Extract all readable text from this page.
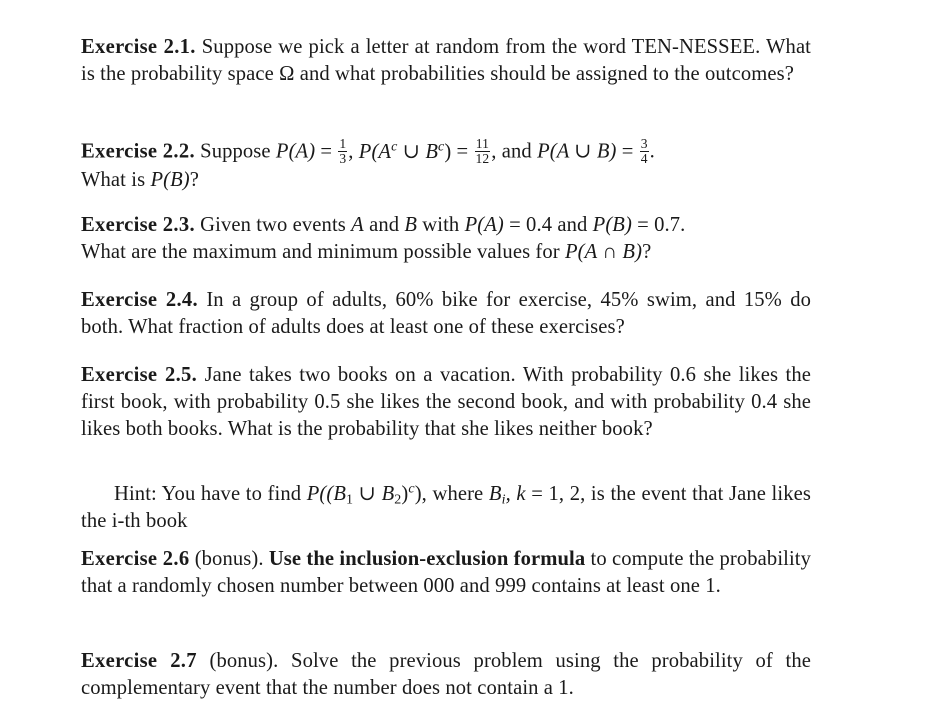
Exercise 2.1. Suppose we pick a letter at random from the word TEN-NESSEE. What is the probability space Ω and what probabilities should be assigned to the outcomes?
Exercise 2.2. Suppose $P(A) = \frac{1}{3}$ , $P(A^c$ ∪ $B^c) = \frac{11}{12}$ , and P(A ∪ $B) = \frac{3}{4}$ .
What is P(B)?
Exercise 2.3. Given two events A and B with P(A) = 0.4 and P(B) = 0.7.
What are the maximum and minimum possible values for P(A ∩ B)?
Exercise 2.4. In a group of adults, 60% bike for exercise, 45% swim, and 15% do both. What fraction of adults does at least one of these exercises?
Exercise 2.5. Jane takes two books on a vacation. With probability 0.6 she likes the first book, with probability 0.5 she likes the second book, and with probability 0.4 she likes both books. What is the probability that she likes neither book?
Hint: You have to find $P((B_1$ ∪ $B_2)^c$), where $B_i$, k = 1, 2, is the event that Jane likes the i-th book
Exercise 2.6 (bonus). Use the inclusion-exclusion formula to compute the probability that a randomly chosen number between 000 and 999 contains at least one 1.
Exercise 2.7 (bonus). Solve the previous problem using the probability of the complementary event that the number does not contain a 1.
